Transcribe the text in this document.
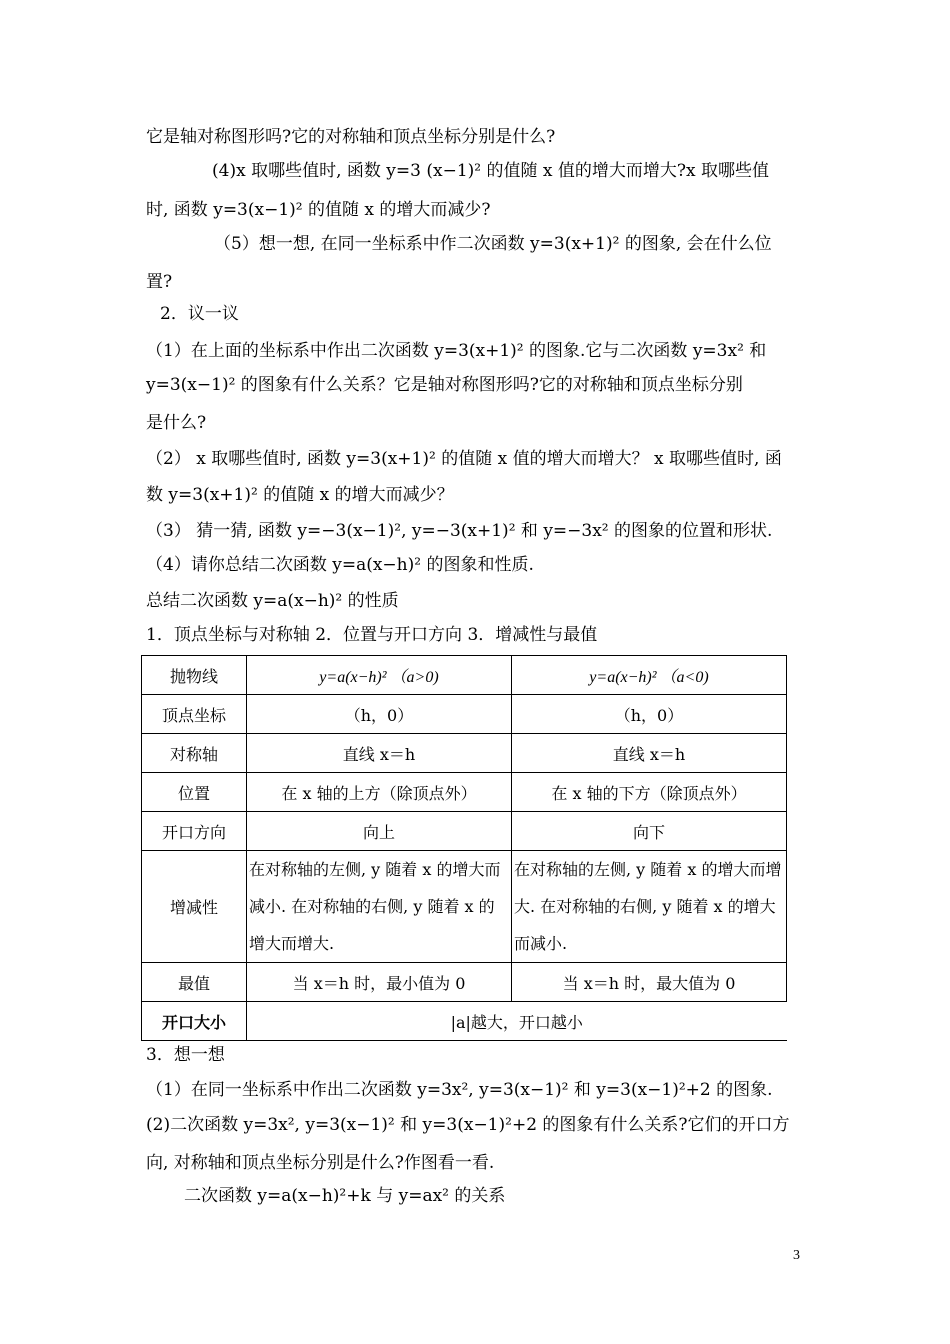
它是轴对称图形吗?它的对称轴和顶点坐标分别是什么?
(4)x 取哪些值时, 函数 y=3 (x−1)² 的值随 x 值的增大而增大?x 取哪些值
时, 函数 y=3(x−1)² 的值随 x 的增大而减少?
（5）想一想, 在同一坐标系中作二次函数 y=3(x+1)² 的图象, 会在什么位
置?
2．议一议
（1）在上面的坐标系中作出二次函数 y=3(x+1)² 的图象.它与二次函数 y=3x² 和
y=3(x−1)² 的图象有什么关系？它是轴对称图形吗?它的对称轴和顶点坐标分别
是什么?
（2） x 取哪些值时, 函数 y=3(x+1)² 的值随 x 值的增大而增大？ x 取哪些值时, 函
数 y=3(x+1)² 的值随 x 的增大而减少？
（3） 猜一猜, 函数 y=−3(x−1)², y=−3(x+1)² 和 y=−3x² 的图象的位置和形状.
（4）请你总结二次函数 y=a(x−h)² 的图象和性质.
总结二次函数 y=a(x−h)² 的性质
1．顶点坐标与对称轴 2．位置与开口方向 3．增减性与最值
抛物线	y=a(x−h)² （a>0)	y=a(x−h)² （a<0)
顶点坐标	（h，0）	（h，0）
对称轴	直线 x＝h	直线 x＝h
位置	在 x 轴的上方（除顶点外）	在 x 轴的下方（除顶点外）
开口方向	向上	向下
增减性	在对称轴的左侧, y 随着 x 的增大而减小. 在对称轴的右侧, y 随着 x 的增大而增大.	在对称轴的左侧, y 随着 x 的增大而增大. 在对称轴的右侧, y 随着 x 的增大而减小.
最值	当 x＝h 时，最小值为 0	当 x＝h 时，最大值为 0
开口大小	|a|越大，开口越小	
3．想一想
（1）在同一坐标系中作出二次函数 y=3x², y=3(x−1)² 和 y=3(x−1)²+2 的图象.
(2)二次函数 y=3x², y=3(x−1)² 和 y=3(x−1)²+2 的图象有什么关系?它们的开口方
向, 对称轴和顶点坐标分别是什么?作图看一看.
二次函数 y=a(x−h)²+k 与 y=ax² 的关系
3
